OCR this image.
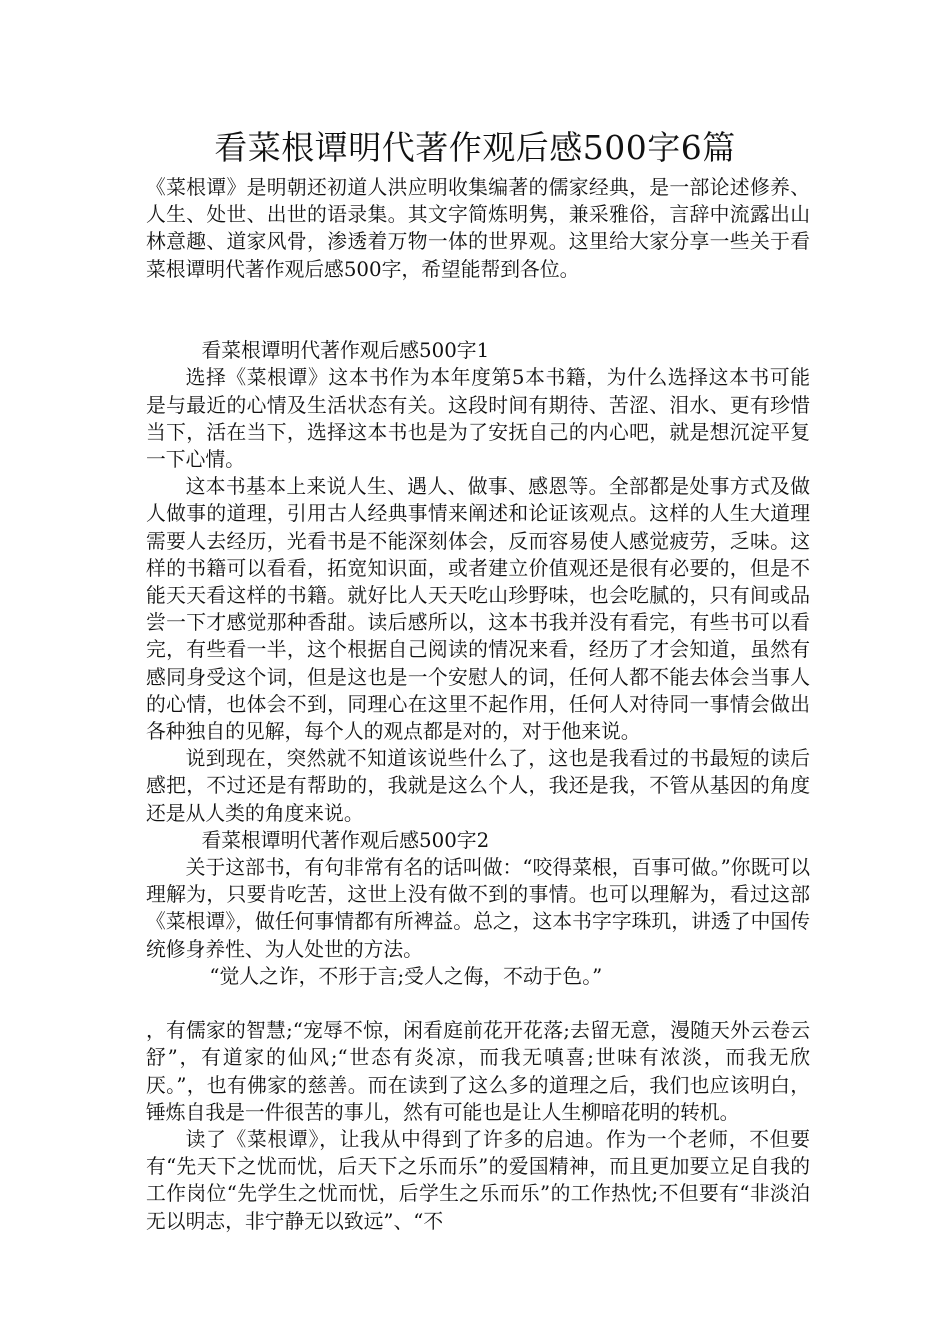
看菜根谭明代著作观后感500字6篇

《菜根谭》是明朝还初道人洪应明收集编著的儒家经典，是一部论述修养、人生、处世、出世的语录集。其文字简炼明隽，兼采雅俗，言辞中流露出山林意趣、道家风骨，渗透着万物一体的世界观。这里给大家分享一些关于看菜根谭明代著作观后感500字，希望能帮到各位。

看菜根谭明代著作观后感500字1

选择《菜根谭》这本书作为本年度第5本书籍，为什么选择这本书可能是与最近的心情及生活状态有关。这段时间有期待、苦涩、泪水、更有珍惜当下，活在当下，选择这本书也是为了安抚自己的内心吧，就是想沉淀平复一下心情。

这本书基本上来说人生、遇人、做事、感恩等。全部都是处事方式及做人做事的道理，引用古人经典事情来阐述和论证该观点。这样的人生大道理需要人去经历，光看书是不能深刻体会，反而容易使人感觉疲劳，乏味。这样的书籍可以看看，拓宽知识面，或者建立价值观还是很有必要的，但是不能天天看这样的书籍。就好比人天天吃山珍野味，也会吃腻的，只有间或品尝一下才感觉那种香甜。读后感所以，这本书我并没有看完，有些书可以看完，有些看一半，这个根据自己阅读的情况来看，经历了才会知道，虽然有感同身受这个词，但是这也是一个安慰人的词，任何人都不能去体会当事人的心情，也体会不到，同理心在这里不起作用，任何人对待同一事情会做出各种独自的见解，每个人的观点都是对的，对于他来说。

说到现在，突然就不知道该说些什么了，这也是我看过的书最短的读后感把，不过还是有帮助的，我就是这么个人，我还是我，不管从基因的角度还是从人类的角度来说。

看菜根谭明代著作观后感500字2

关于这部书，有句非常有名的话叫做：“咬得菜根，百事可做。”你既可以理解为，只要肯吃苦，这世上没有做不到的事情。也可以理解为，看过这部《菜根谭》，做任何事情都有所裨益。总之，这本书字字珠玑，讲透了中国传统修身养性、为人处世的方法。

“觉人之诈，不形于言;受人之侮，不动于色。”

，有儒家的智慧;“宠辱不惊，闲看庭前花开花落;去留无意，漫随天外云卷云舒”，有道家的仙风;“世态有炎凉，而我无嗔喜;世味有浓淡，而我无欣厌。”，也有佛家的慈善。而在读到了这么多的道理之后，我们也应该明白，锤炼自我是一件很苦的事儿，然有可能也是让人生柳暗花明的转机。

读了《菜根谭》，让我从中得到了许多的启迪。作为一个老师，不但要有“先天下之忧而忧，后天下之乐而乐”的爱国精神，而且更加要立足自我的工作岗位“先学生之忧而忧，后学生之乐而乐”的工作热忱;不但要有“非淡泊无以明志，非宁静无以致远”、“不
